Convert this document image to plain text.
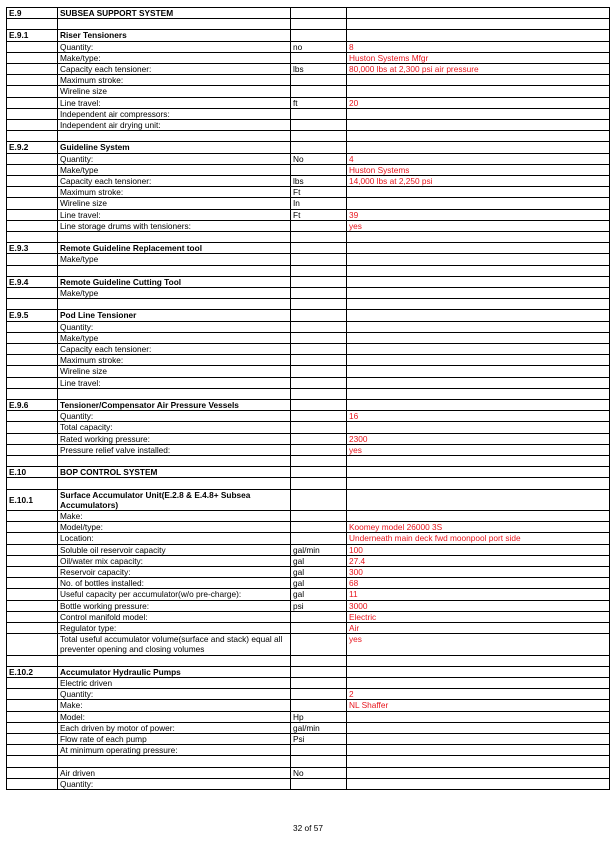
E.9	SUBSEA SUPPORT SYSTEM		

E.9.1	Riser Tensioners		
	Quantity:	no	8
	Make/type:		Huston Systems Mfgr
	Capacity each tensioner:	lbs	80,000 lbs at 2,300 psi air pressure
	Maximum stroke:		
	Wireline size		
	Line travel:	ft	20
	Independent air compressors:		
	Independent air drying unit:		

E.9.2	Guideline System		
	Quantity:	No	4
	Make/type		Huston Systems
	Capacity each tensioner:	lbs	14,000 lbs at 2,250 psi
	Maximum stroke:	Ft	
	Wireline size	In	
	Line travel:	Ft	39
	Line storage drums with tensioners:		yes

E.9.3	Remote Guideline Replacement tool		
	Make/type		

E.9.4	Remote Guideline Cutting Tool		
	Make/type		

E.9.5	Pod Line Tensioner		
	Quantity:		
	Make/type		
	Capacity each tensioner:		
	Maximum stroke:		
	Wireline size		
	Line travel:		

E.9.6	Tensioner/Compensator Air Pressure Vessels		
	Quantity:		16
	Total capacity:		
	Rated working pressure:		2300
	Pressure relief valve installed:		yes

E.10	BOP CONTROL SYSTEM		

E.10.1	Surface Accumulator Unit(E.2.8 & E.4.8+ Subsea Accumulators)		
	Make:		
	Model/type:		Koomey model 26000 3S
	Location:		Underneath main deck fwd moonpool port side
	Soluble oil reservoir capacity	gal/min	100
	Oil/water mix capacity:	gal	27.4
	Reservoir capacity:	gal	300
	No. of bottles installed:	gal	68
	Useful capacity per accumulator(w/o pre-charge):	gal	11
	Bottle working pressure:	psi	3000
	Control manifold model:		Electric
	Regulator type:		Air
	Total useful accumulator volume(surface and stack) equal all preventer opening and closing volumes		yes

E.10.2	Accumulator Hydraulic Pumps		
	Electric driven		
	Quantity:		2
	Make:		NL Shaffer
	Model:	Hp	
	Each driven by motor of power:	gal/min	
	Flow rate of each pump	Psi	
	At minimum operating pressure:		

	Air driven	No	
	Quantity:		
32 of 57
